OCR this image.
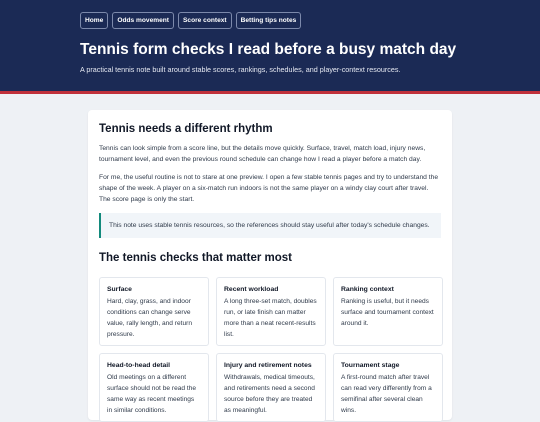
Home	Odds movement	Score context	Betting tips notes
Tennis form checks I read before a busy match day

A practical tennis note built around stable scores, rankings, schedules, and player-context resources.

Tennis needs a different rhythm

Tennis can look simple from a score line, but the details move quickly. Surface, travel, match load, injury news, tournament level, and even the previous round schedule can change how I read a player before a match day.

For me, the useful routine is not to stare at one preview. I open a few stable tennis pages and try to understand the shape of the week. A player on a six-match run indoors is not the same player on a windy clay court after travel. The score page is only the start.

This note uses stable tennis resources, so the references should stay useful after today's schedule changes.
The tennis checks that matter most
Surface
Hard, clay, grass, and indoor conditions can change serve value, rally length, and return pressure.
Recent workload
A long three-set match, doubles run, or late finish can matter more than a neat recent-results list.
Ranking context
Ranking is useful, but it needs surface and tournament context around it.
Head-to-head detail
Old meetings on a different surface should not be read the same way as recent meetings in similar conditions.
Injury and retirement notes
Withdrawals, medical timeouts, and retirements need a second source before they are treated as meaningful.
Tournament stage
A first-round match after travel can read very differently from a semifinal after several clean wins.
